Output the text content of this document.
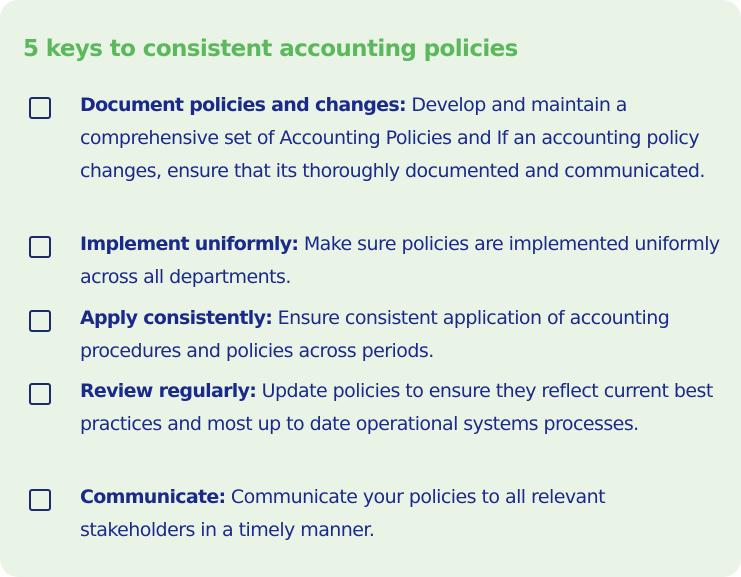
5 keys to consistent accounting policies

Document policies and changes: Develop and maintain a comprehensive set of Accounting Policies and If an accounting policy changes, ensure that its thoroughly documented and communicated.

Implement uniformly: Make sure policies are implemented uniformly across all departments.

Apply consistently: Ensure consistent application of accounting procedures and policies across periods.

Review regularly: Update policies to ensure they reflect current best practices and most up to date operational systems processes.

Communicate: Communicate your policies to all relevant stakeholders in a timely manner.
